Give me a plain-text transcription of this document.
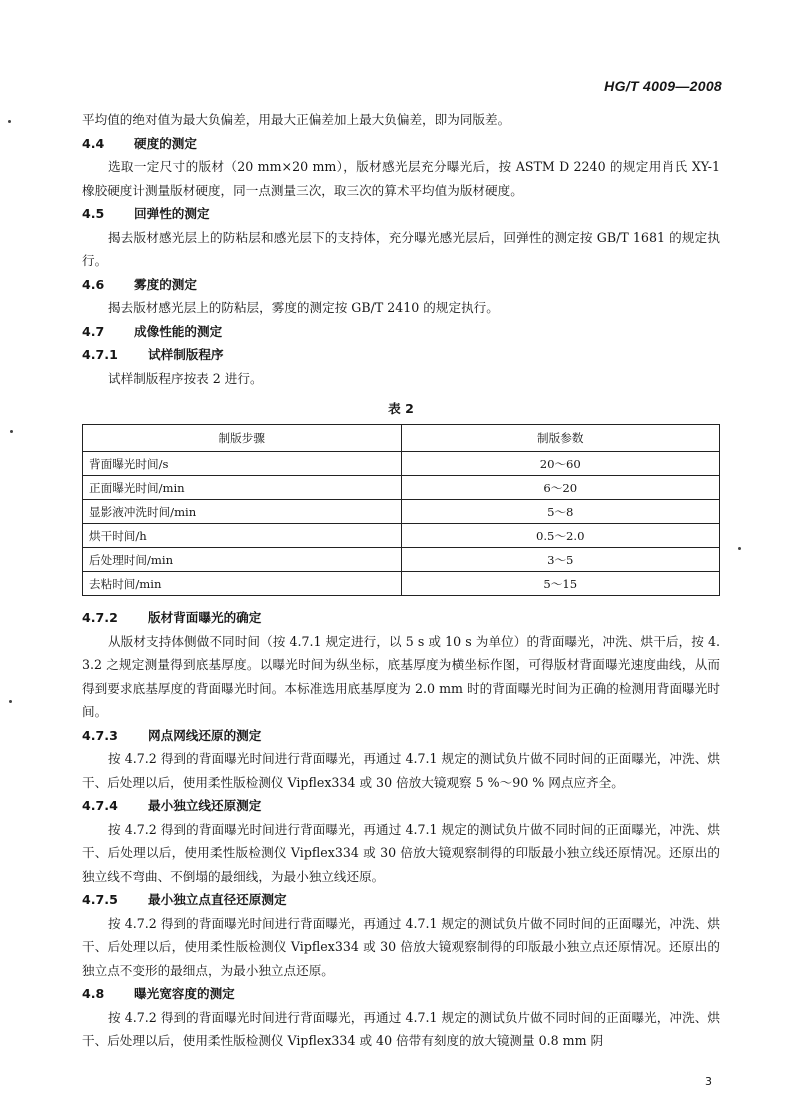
HG/T 4009—2008

平均值的绝对值为最大负偏差，用最大正偏差加上最大负偏差，即为同版差。

4.4 硬度的测定

选取一定尺寸的版材（20 mm×20 mm），版材感光层充分曝光后，按 ASTM D 2240 的规定用肖氏 XY-1 橡胶硬度计测量版材硬度，同一点测量三次，取三次的算术平均值为版材硬度。

4.5 回弹性的测定

揭去版材感光层上的防粘层和感光层下的支持体，充分曝光感光层后，回弹性的测定按 GB/T 1681 的规定执行。

4.6 雾度的测定

揭去版材感光层上的防粘层，雾度的测定按 GB/T 2410 的规定执行。

4.7 成像性能的测定
4.7.1 试样制版程序

试样制版程序按表 2 进行。

表 2
制版步骤	制版参数
背面曝光时间/s	20～60
正面曝光时间/min	6～20
显影液冲洗时间/min	5～8
烘干时间/h	0.5～2.0
后处理时间/min	3～5
去粘时间/min	5～15
4.7.2 版材背面曝光的确定

从版材支持体侧做不同时间（按 4.7.1 规定进行，以 5 s 或 10 s 为单位）的背面曝光，冲洗、烘干后，按 4.3.2 之规定测量得到底基厚度。以曝光时间为纵坐标，底基厚度为横坐标作图，可得版材背面曝光速度曲线，从而得到要求底基厚度的背面曝光时间。本标准选用底基厚度为 2.0 mm 时的背面曝光时间为正确的检测用背面曝光时间。

4.7.3 网点网线还原的测定

按 4.7.2 得到的背面曝光时间进行背面曝光，再通过 4.7.1 规定的测试负片做不同时间的正面曝光，冲洗、烘干、后处理以后，使用柔性版检测仪 Vipflex334 或 30 倍放大镜观察 5 %～90 % 网点应齐全。

4.7.4 最小独立线还原测定

按 4.7.2 得到的背面曝光时间进行背面曝光，再通过 4.7.1 规定的测试负片做不同时间的正面曝光，冲洗、烘干、后处理以后，使用柔性版检测仪 Vipflex334 或 30 倍放大镜观察制得的印版最小独立线还原情况。还原出的独立线不弯曲、不倒塌的最细线，为最小独立线还原。

4.7.5 最小独立点直径还原测定

按 4.7.2 得到的背面曝光时间进行背面曝光，再通过 4.7.1 规定的测试负片做不同时间的正面曝光，冲洗、烘干、后处理以后，使用柔性版检测仪 Vipflex334 或 30 倍放大镜观察制得的印版最小独立点还原情况。还原出的独立点不变形的最细点，为最小独立点还原。

4.8 曝光宽容度的测定

按 4.7.2 得到的背面曝光时间进行背面曝光，再通过 4.7.1 规定的测试负片做不同时间的正面曝光，冲洗、烘干、后处理以后，使用柔性版检测仪 Vipflex334 或 40 倍带有刻度的放大镜测量 0.8 mm 阴

3
